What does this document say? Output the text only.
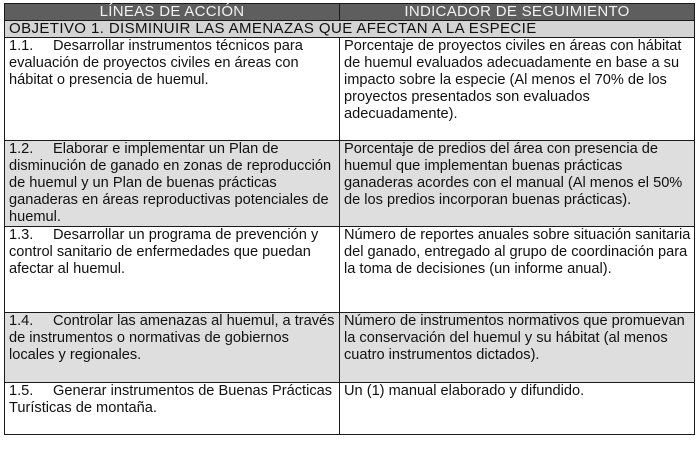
LÍNEAS DE ACCIÓN	INDICADOR DE SEGUIMIENTO
OBJETIVO 1. DISMINUIR LAS AMENAZAS QUE AFECTAN A LA ESPECIE	
1.1. Desarrollar instrumentos técnicos para evaluación de proyectos civiles en áreas con hábitat o presencia de huemul.	Porcentaje de proyectos civiles en áreas con hábitat de huemul evaluados adecuadamente en base a su impacto sobre la especie (Al menos el 70% de los proyectos presentados son evaluados adecuadamente).
1.2. Elaborar e implementar un Plan de disminución de ganado en zonas de reproducción de huemul y un Plan de buenas prácticas ganaderas en áreas reproductivas potenciales de huemul.	Porcentaje de predios del área con presencia de huemul que implementan buenas prácticas ganaderas acordes con el manual (Al menos el 50% de los predios incorporan buenas prácticas).
1.3. Desarrollar un programa de prevención y control sanitario de enfermedades que puedan afectar al huemul.	Número de reportes anuales sobre situación sanitaria del ganado, entregado al grupo de coordinación para la toma de decisiones (un informe anual).
1.4. Controlar las amenazas al huemul, a través de instrumentos o normativas de gobiernos locales y regionales.	Número de instrumentos normativos que promuevan la conservación del huemul y su hábitat (al menos cuatro instrumentos dictados).
1.5. Generar instrumentos de Buenas Prácticas Turísticas de montaña.	Un (1) manual elaborado y difundido.
